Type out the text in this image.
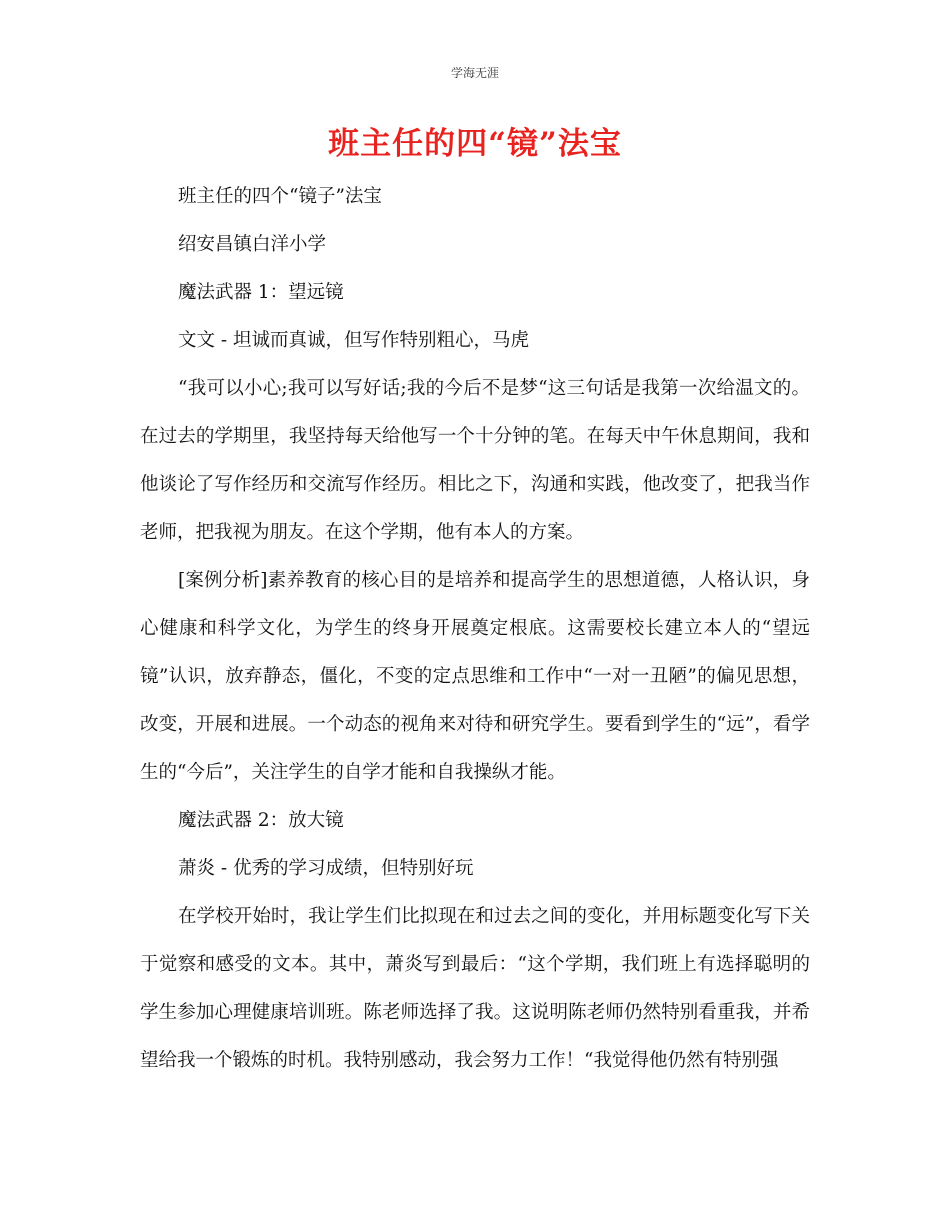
学海无涯
班主任的四“镜”法宝

班主任的四个“镜子”法宝

绍安昌镇白洋小学

魔法武器 1：望远镜

文文 - 坦诚而真诚，但写作特别粗心，马虎

“我可以小心;我可以写好话;我的今后不是梦“这三句话是我第一次给温文的。在过去的学期里，我坚持每天给他写一个十分钟的笔。在每天中午休息期间，我和他谈论了写作经历和交流写作经历。相比之下，沟通和实践，他改变了，把我当作老师，把我视为朋友。在这个学期，他有本人的方案。

[案例分析]素养教育的核心目的是培养和提高学生的思想道德，人格认识，身心健康和科学文化，为学生的终身开展奠定根底。这需要校长建立本人的“望远镜”认识，放弃静态，僵化，不变的定点思维和工作中“一对一丑陋”的偏见思想，改变，开展和进展。一个动态的视角来对待和研究学生。要看到学生的“远”，看学生的“今后”，关注学生的自学才能和自我操纵才能。

魔法武器 2：放大镜

萧炎 - 优秀的学习成绩，但特别好玩

在学校开始时，我让学生们比拟现在和过去之间的变化，并用标题变化写下关于觉察和感受的文本。其中，萧炎写到最后：“这个学期，我们班上有选择聪明的学生参加心理健康培训班。陈老师选择了我。这说明陈老师仍然特别看重我，并希望给我一个锻炼的时机。我特别感动，我会努力工作！“我觉得他仍然有特别强
